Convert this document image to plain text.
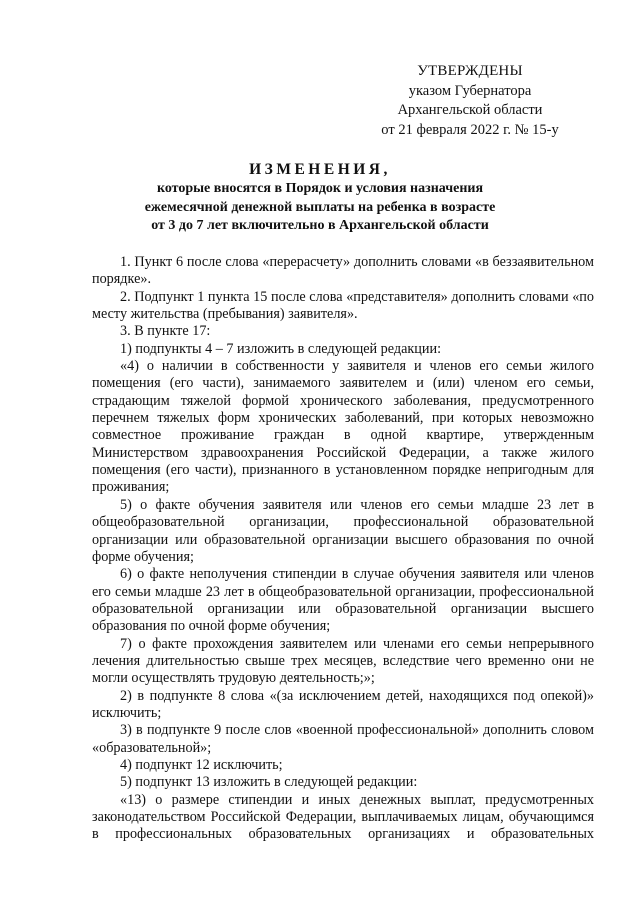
УТВЕРЖДЕНЫ
указом Губернатора
Архангельской области
от 21 февраля 2022 г. № 15-у
ИЗМЕНЕНИЯ,
которые вносятся в Порядок и условия назначения
ежемесячной денежной выплаты на ребенка в возрасте
от 3 до 7 лет включительно в Архангельской области

1. Пункт 6 после слова «перерасчету» дополнить словами «в беззаявительном порядке».

2. Подпункт 1 пункта 15 после слова «представителя» дополнить словами «по месту жительства (пребывания) заявителя».

3. В пункте 17:

1) подпункты 4 – 7 изложить в следующей редакции:

«4) о наличии в собственности у заявителя и членов его семьи жилого помещения (его части), занимаемого заявителем и (или) членом его семьи, страдающим тяжелой формой хронического заболевания, предусмотренного перечнем тяжелых форм хронических заболеваний, при которых невозможно совместное проживание граждан в одной квартире, утвержденным Министерством здравоохранения Российской Федерации, а также жилого помещения (его части), признанного в установленном порядке непригодным для проживания;

5) о факте обучения заявителя или членов его семьи младше 23 лет в общеобразовательной организации, профессиональной образовательной организации или образовательной организации высшего образования по очной форме обучения;

6) о факте неполучения стипендии в случае обучения заявителя или членов его семьи младше 23 лет в общеобразовательной организации, профессиональной образовательной организации или образовательной организации высшего образования по очной форме обучения;

7) о факте прохождения заявителем или членами его семьи непрерывного лечения длительностью свыше трех месяцев, вследствие чего временно они не могли осуществлять трудовую деятельность;»;

2) в подпункте 8 слова «(за исключением детей, находящихся под опекой)» исключить;

3) в подпункте 9 после слов «военной профессиональной» дополнить словом «образовательной»;

4) подпункт 12 исключить;

5) подпункт 13 изложить в следующей редакции:

«13) о размере стипендии и иных денежных выплат, предусмотренных законодательством Российской Федерации, выплачиваемых лицам, обучающимся в профессиональных образовательных организациях и образовательных
